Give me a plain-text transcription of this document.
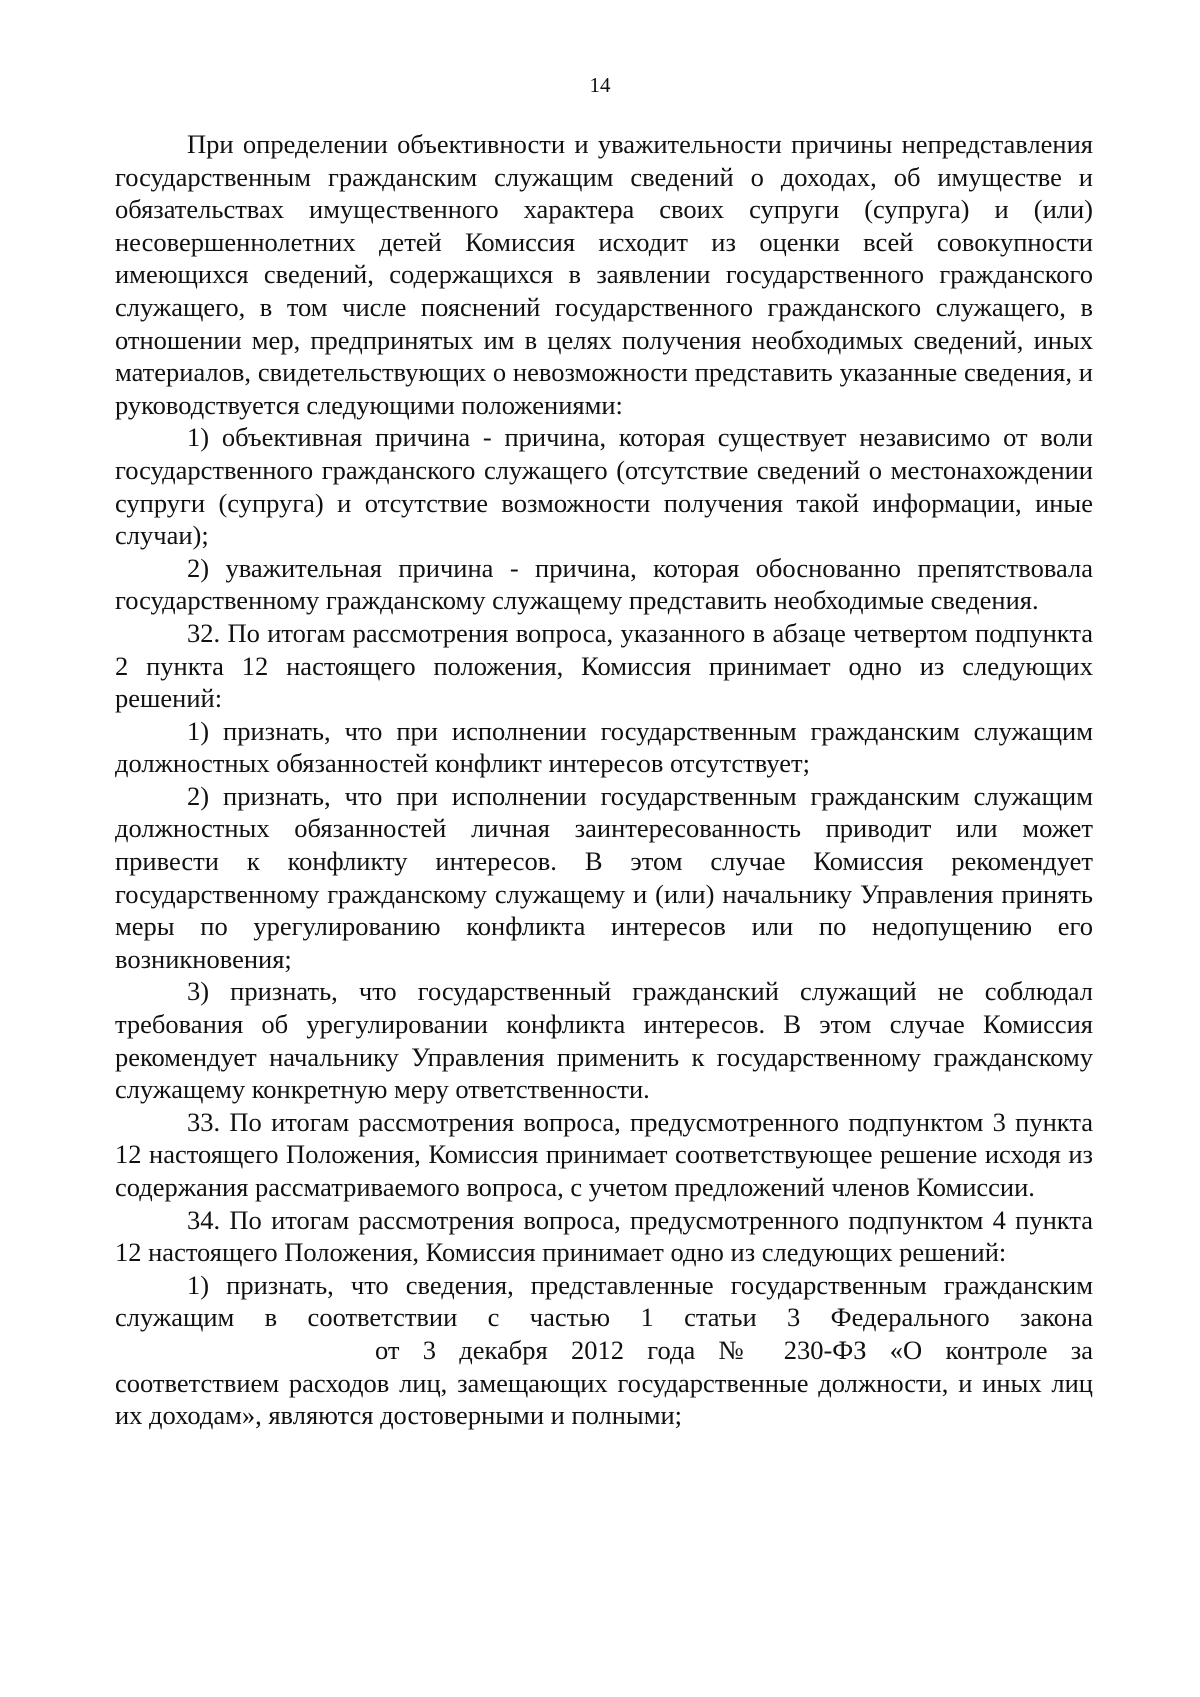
14

При определении объективности и уважительности причины непредставления государственным гражданским служащим сведений о доходах, об имуществе и обязательствах имущественного характера своих супруги (супруга) и (или) несовершеннолетних детей Комиссия исходит из оценки всей совокупности имеющихся сведений, содержащихся в заявлении государственного гражданского служащего, в том числе пояснений государственного гражданского служащего, в отношении мер, предпринятых им в целях получения необходимых сведений, иных материалов, свидетельствующих о невозможности представить указанные сведения, и руководствуется следующими положениями:

1) объективная причина - причина, которая существует независимо от воли государственного гражданского служащего (отсутствие сведений о местонахождении супруги (супруга) и отсутствие возможности получения такой информации, иные случаи);

2) уважительная причина - причина, которая обоснованно препятствовала государственному гражданскому служащему представить необходимые сведения.

32. По итогам рассмотрения вопроса, указанного в абзаце четвертом подпункта 2 пункта 12 настоящего положения, Комиссия принимает одно из следующих решений:

1) признать, что при исполнении государственным гражданским служащим должностных обязанностей конфликт интересов отсутствует;

2) признать, что при исполнении государственным гражданским служащим должностных обязанностей личная заинтересованность приводит или может привести к конфликту интересов. В этом случае Комиссия рекомендует государственному гражданскому служащему и (или) начальнику Управления принять меры по урегулированию конфликта интересов или по недопущению его возникновения;

3) признать, что государственный гражданский служащий не соблюдал требования об урегулировании конфликта интересов. В этом случае Комиссия рекомендует начальнику Управления применить к государственному гражданскому служащему конкретную меру ответственности.

33. По итогам рассмотрения вопроса, предусмотренного подпунктом 3 пункта 12 настоящего Положения, Комиссия принимает соответствующее решение исходя из содержания рассматриваемого вопроса, с учетом предложений членов Комиссии.

34. По итогам рассмотрения вопроса, предусмотренного подпунктом 4 пункта 12 настоящего Положения, Комиссия принимает одно из следующих решений:

1) признать, что сведения, представленные государственным гражданским служащим в соответствии с частью 1 статьи 3 Федерального законаот 3 декабря 2012 года № 230-ФЗ «О контроле за соответствием расходов лиц, замещающих государственные должности, и иных лиц их доходам», являются достоверными и полными;
